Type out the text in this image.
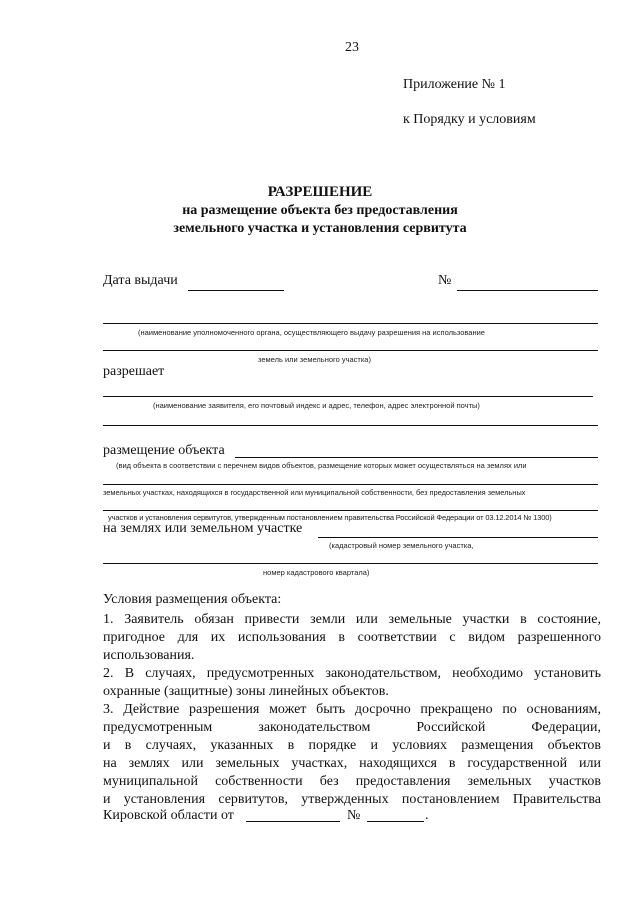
23
Приложение № 1
к Порядку и условиям
РАЗРЕШЕНИЕ
на размещение объекта без предоставления
земельного участка и установления сервитута
Дата выдачи	№
(наименование уполномоченного органа, осуществляющего выдачу разрешения на использование
земель или земельного участка)
разрешает
(наименование заявителя, его почтовый индекс и адрес, телефон, адрес электронной почты)
размещение объекта
(вид объекта в соответствии с перечнем видов объектов, размещение которых может осуществляться на землях или
земельных участках, находящихся в государственной или муниципальной собственности, без предоставления земельных
участков и установления сервитутов, утвержденным постановлением правительства Российской Федерации от 03.12.2014 № 1300)
на землях или земельном участке
(кадастровый номер земельного участка,
номер кадастрового квартала)
Условия размещения объекта:
1. Заявитель обязан привести земли или земельные участки в состояние,
пригодное для их использования в соответствии с видом разрешенного
использования.
2. В случаях, предусмотренных законодательством, необходимо установить
охранные (защитные) зоны линейных объектов.
3. Действие разрешения может быть досрочно прекращено по основаниям,
предусмотренным законодательством Российской Федерации,
и в случаях, указанных в порядке и условиях размещения объектов
на землях или земельных участках, находящихся в государственной или
муниципальной собственности без предоставления земельных участков
и установления сервитутов, утвержденных постановлением Правительства
Кировской области от	№	.
